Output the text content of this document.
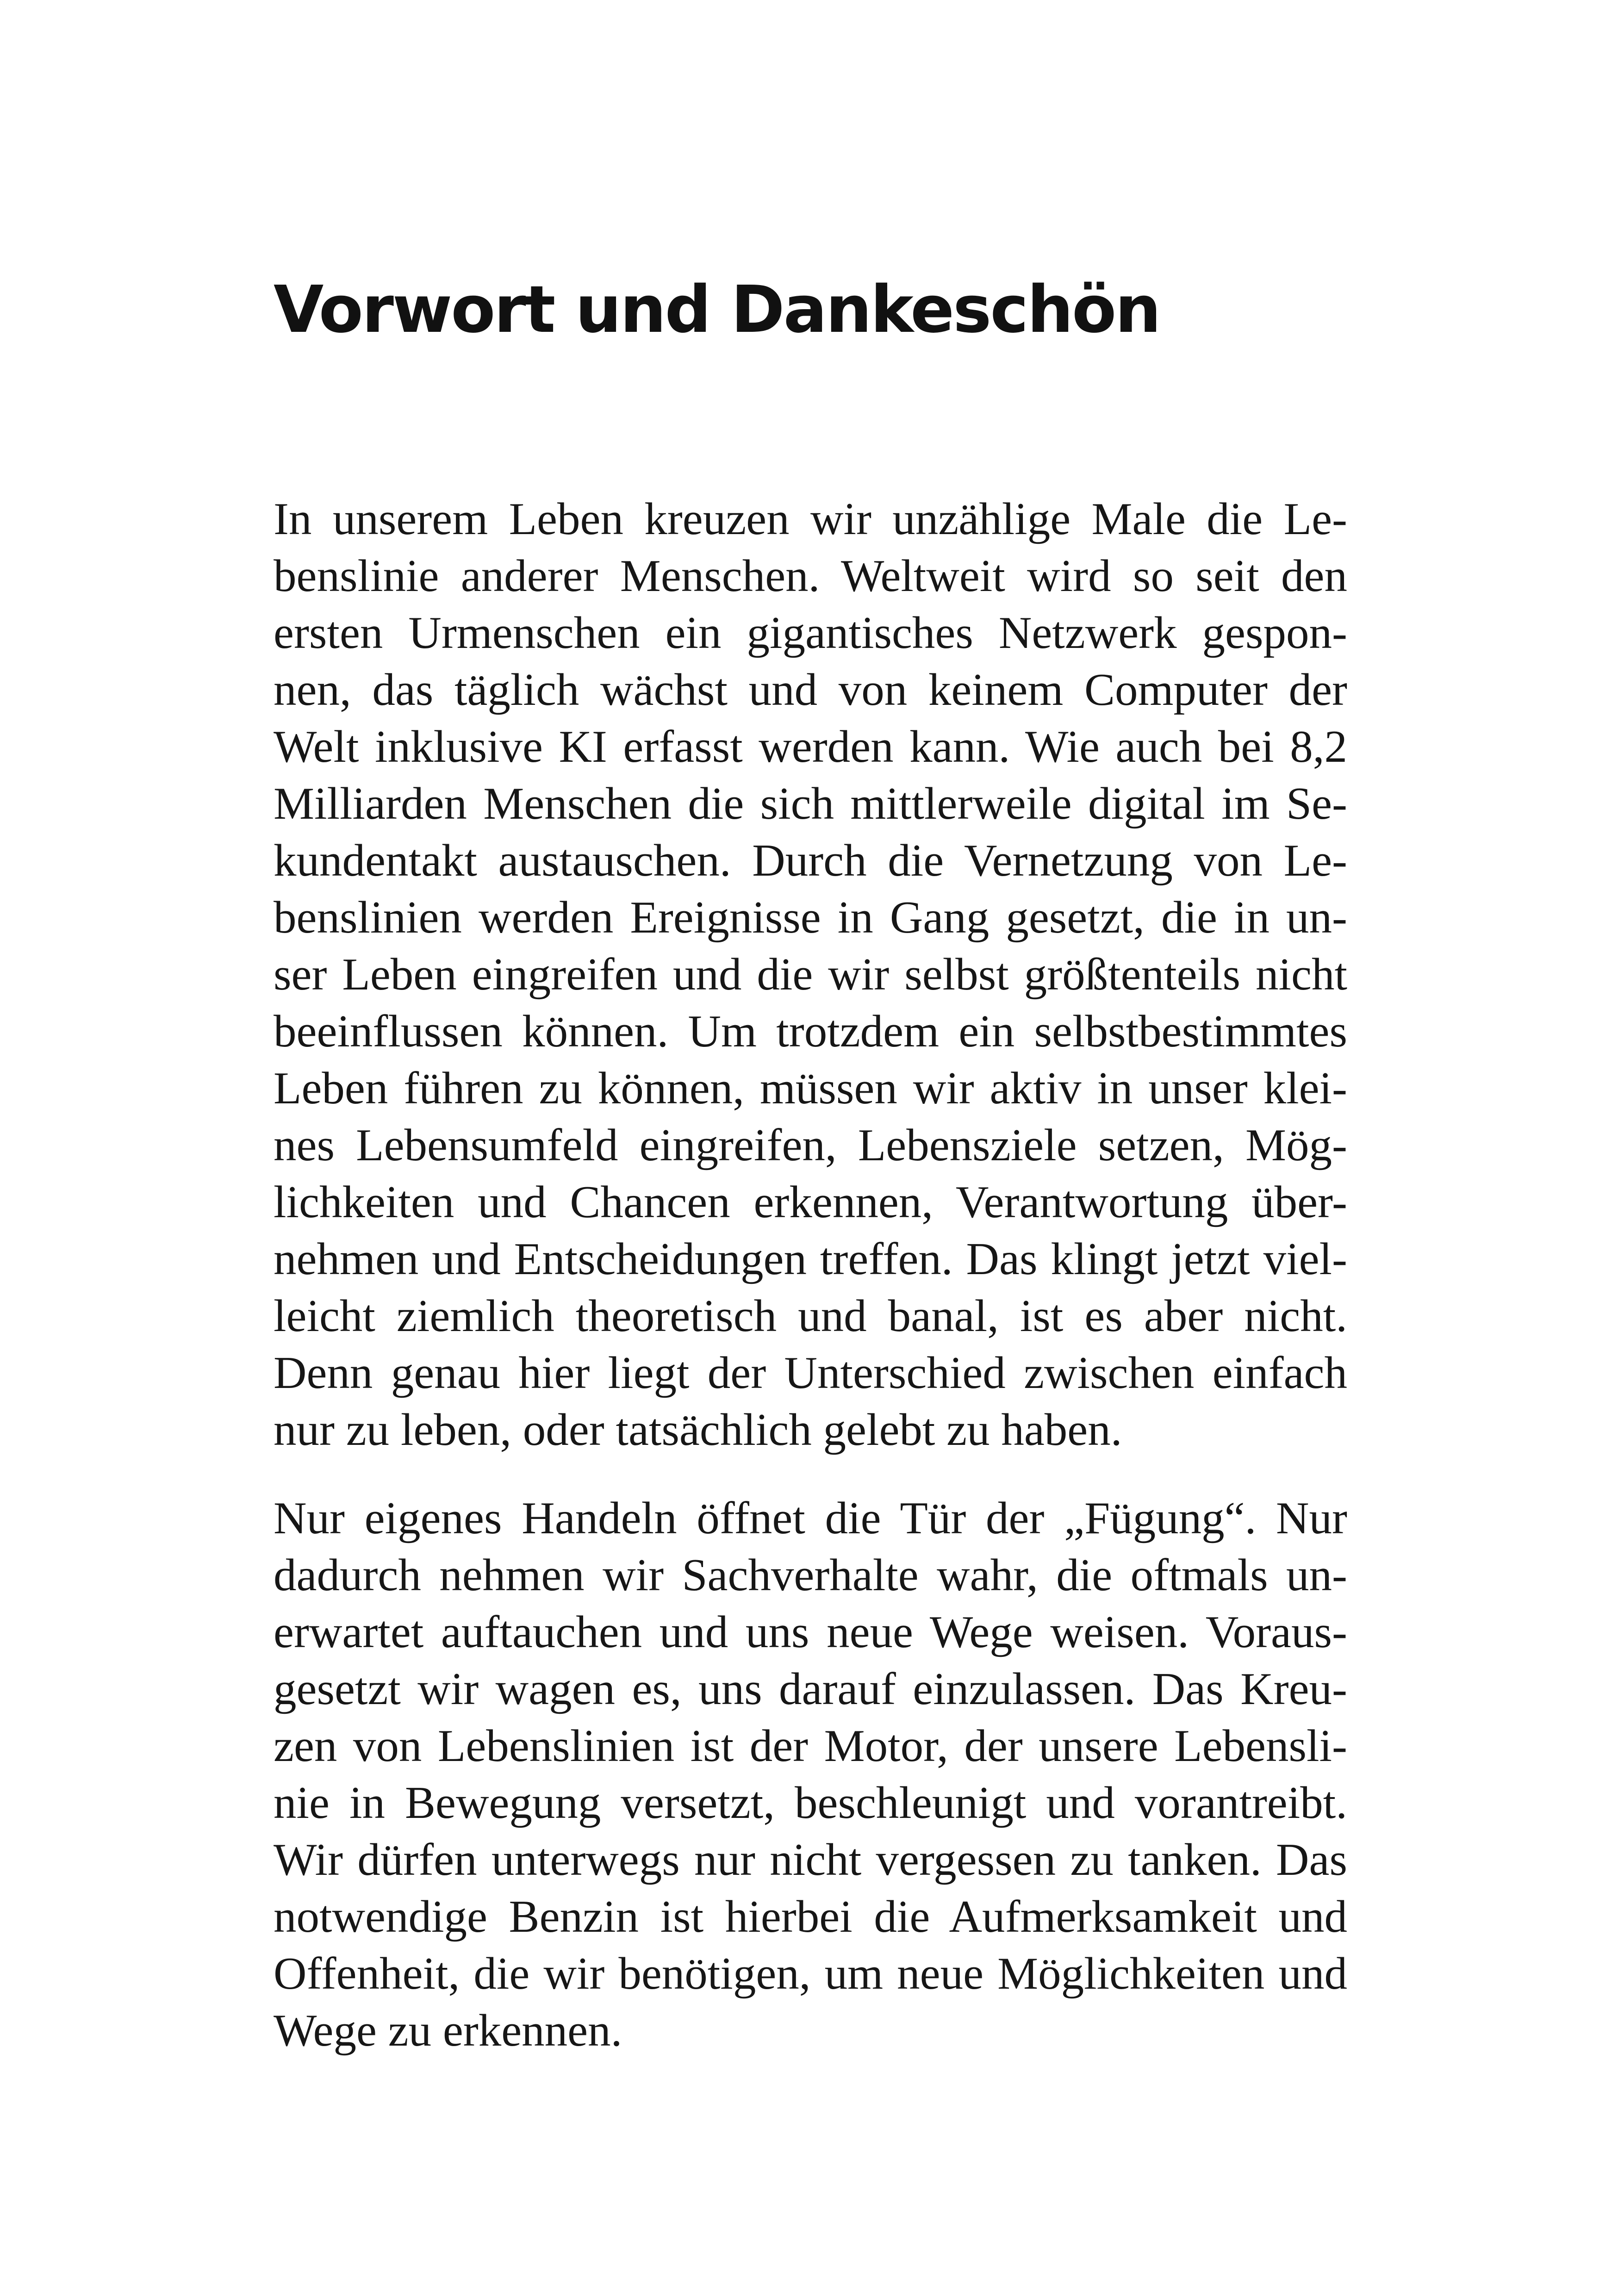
Vorwort und Dankeschön

In unserem Leben kreuzen wir unzählige Male die Le-
benslinie anderer Menschen. Weltweit wird so seit den
ersten Urmenschen ein gigantisches Netzwerk gespon-
nen, das täglich wächst und von keinem Computer der
Welt inklusive KI erfasst werden kann. Wie auch bei 8,2
Milliarden Menschen die sich mittlerweile digital im Se-
kundentakt austauschen. Durch die Vernetzung von Le-
benslinien werden Ereignisse in Gang gesetzt, die in un-
ser Leben eingreifen und die wir selbst größtenteils nicht
beeinflussen können. Um trotzdem ein selbstbestimmtes
Leben führen zu können, müssen wir aktiv in unser klei-
nes Lebensumfeld eingreifen, Lebensziele setzen, Mög-
lichkeiten und Chancen erkennen, Verantwortung über-
nehmen und Entscheidungen treffen. Das klingt jetzt viel-
leicht ziemlich theoretisch und banal, ist es aber nicht.
Denn genau hier liegt der Unterschied zwischen einfach
nur zu leben, oder tatsächlich gelebt zu haben.

Nur eigenes Handeln öffnet die Tür der „Fügung“. Nur
dadurch nehmen wir Sachverhalte wahr, die oftmals un-
erwartet auftauchen und uns neue Wege weisen. Voraus-
gesetzt wir wagen es, uns darauf einzulassen. Das Kreu-
zen von Lebenslinien ist der Motor, der unsere Lebensli-
nie in Bewegung versetzt, beschleunigt und vorantreibt.
Wir dürfen unterwegs nur nicht vergessen zu tanken. Das
notwendige Benzin ist hierbei die Aufmerksamkeit und
Offenheit, die wir benötigen, um neue Möglichkeiten und
Wege zu erkennen.
